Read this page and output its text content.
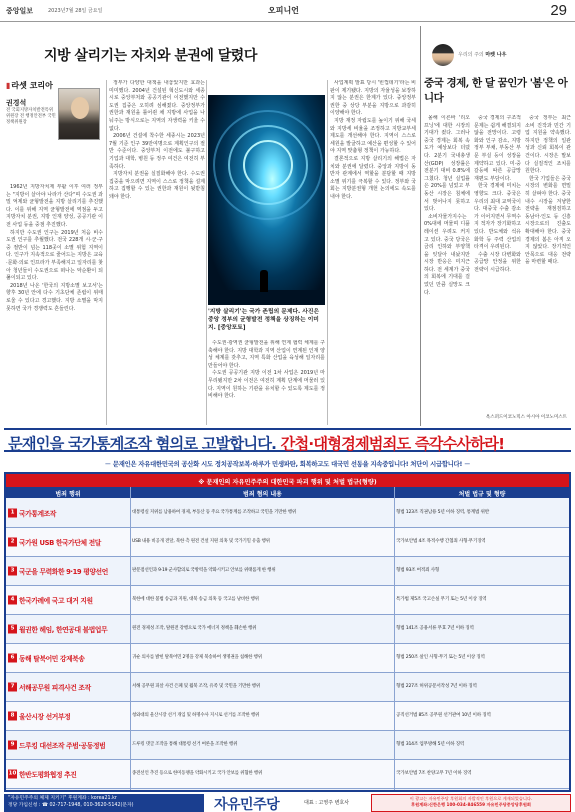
중앙일보	2023년7월 28일 금요일	오피니언	29
지방 살리기는 자치와 분권에 달렸다
▮라셋 코리아
권경석
전 국회지방자치발전특위 위원장 전 행정안전부 국민정책위원장
1962년 지방자치제 부활 이후 여러 정부는 "지방이 살아야 나라가 산다"며 수도권 과밀 억제와 균형발전을 지방 살리기를 추진했다. 이를 위해 지역 균형발전에 역점을 두고 지방자치 분권, 지방 인재 양성, 공공기관 이전 사업 등을 중점 추진했다.
하지만 수도권 인구는 2019년 처음 비수도권 인구를 추월했다. 전국 228개 시·군·구 중 절반이 넘는 118곳이 소멸 위험 지역이다. 인구가 지속적으로 줄어드는 지방은 교육·문화·의료 인프라가 부족해지고 일자리를 찾아 청년들이 수도권으로 떠나는 악순환이 되풀이되고 있다.
2018년 나온 '한국의 지방소멸 보고서'는 향후 30년 안에 다수 기초단체 존립이 위태로울 수 있다고 경고했다. 지방 소멸을 막지 못하면 국가 경쟁력도 흔들린다.
정부가 다양한 대책을 내놓았지만 효과는 미미했다. 2004년 건설된 혁신도시와 세종시로 중앙부처와 공공기관이 이전했지만 수도권 집중은 오히려 심해졌다. 중앙정부가 권한과 재원을 틀어쥔 채 지방에 사업을 나눠주는 방식으로는 지역의 자생력을 키울 수 없다.
2006년 건설에 착수한 세종시는 2023년 7월 기준 인구 39만여명으로 계획인구의 절반 수준이다. 중앙부처 이전에도 불구하고 기업과 대학, 병원 등 정주 여건은 여전히 부족하다.
지방자치 분권을 실질화해야 한다. 수도권 집중을 막으려면 지역이 스스로 정책을 설계하고 집행할 수 있는 권한과 재원이 뒷받침돼야 한다.
'지방 살리기'는 국가 존립의 문제다. 사진은 중앙 정부의 균형발전 정책을 상징하는 이미지. [중앙포토]
수도권·광역권 균형발전을 위해 연계 협력 체계를 구축해야 한다. 지방 대학과 지역 산업이 연계된 인재 양성 체계를 갖추고, 지역 특화 산업을 육성해 일자리를 만들어야 한다.
수도권 공공기관 지방 이전 1차 사업은 2019년 마무리됐지만 2차 이전은 여전히 계획 단계에 머물러 있다. 지역이 원하는 기관을 유치할 수 있도록 제도를 정비해야 한다.
사업계획 발표 당시 '빈껍데기'라는 비판이 제기됐다. 지방의 자율성을 보장하지 않는 분권은 한계가 있다. 중앙정부 권한 중 상당 부분을 지방으로 과감히 이양해야 한다.
지방 재정 자립도를 높이기 위해 국세와 지방세 비율을 조정하고 지방교부세 제도를 개선해야 한다. 지역이 스스로 세원을 발굴하고 예산을 편성할 수 있어야 지역 맞춤형 정책이 가능하다.
결론적으로 지방 살리기의 해법은 자치와 분권에 달렸다. 중앙과 지방이 동반자 관계에서 역할을 분담할 때 지방 소멸 위기를 극복할 수 있다. 정부와 국회는 지방분권형 개헌 논의에도 속도를 내야 한다.
우리의 주의 마켓 나우
중국 경제, 한 달 꿈인가 '봄'은 아니다
올해 이른바 '리오프닝'에 대한 시장의 기대가 컸다. 그러나 중국 경제는 회복 속도가 예상보다 더뎠다. 2분기 국내총생산(GDP) 성장률은 전분기 대비 0.8%에 그쳤다. 청년 실업률은 20%를 넘었고 부동산 시장은 침체에서 벗어나지 못하고 있다.
소비자물가지수는 0%대에 머물며 디플레이션 우려도 커지고 있다. 중국 당국은 금리 인하와 부양책을 잇달아 내놨지만 시장 반응은 미지근하다. 전 세계가 중국의 회복에 기대를 걸었던 만큼 실망도 크다.
중국 경제의 구조적 문제는 쉽게 해결되지 않을 전망이다. 고령화와 인구 감소, 지방정부 부채, 부동산 부문 부실 등이 성장을 제약하고 있다. 미·중 갈등에 따른 공급망 재편도 부담이다.
한국 경제에 미치는 영향도 크다. 중국은 우리의 최대 교역국이다. 대중국 수출 감소가 이어지면서 무역수지 적자가 장기화하고 있다. 반도체와 석유화학 등 주력 산업의 타격이 우려된다.
수출 시장 다변화와 공급망 안정을 위한 전략이 시급하다.
중국 정부는 최근 소비 진작과 민간 기업 지원을 약속했다. 하지만 정책의 일관성과 신뢰 회복이 관건이다. 시장은 말보다 실질적인 조치를 원한다.
한국 기업들은 중국 시장의 변화를 면밀히 살펴야 한다. 중국 내수 시장을 겨냥한 전략을 재점검하고 동남아·인도 등 신흥시장으로의 진출도 확대해야 한다. 중국 경제의 봄은 아직 오지 않았다. 장기적인 안목으로 대응 전략을 마련할 때다.
옥스퍼드이코노믹스 아시아 이코노미스트
문재인을 국가통계조작 혐의로 고발합니다. 간첩·대형경제범죄도 즉각수사하라!
－ 문재인은 자유대한민국의 공산화 시도 정치공작보복·하루가 민생파탄, 회복하고도 대국민 선동을 지속중입니다! 처단이 시급합니다! －
※ 문재인의 자유민주주의 대한민국 파괴 행위 및 처벌 법규(형량)
범죄 행위	범죄 혐의 내용	처벌 법규 및 형량
1 국가통계조작	대통령실 지위를 남용하여 경제, 부동산 등 주요 국가통계를 조작하고 국민을 기만한 행위	형법 123조 직권남용 5년 이하 징역, 통계법 위반
2 국가원 USB 한국가단체 전달	USB 내용 비공개 전달, 북한 측 원전 건설 지원 의혹 및 국가기밀 유출 행위	국가보안법 4조 목적수행 간첩죄 사형·무기징역
3 국군을 무력화한 9·19 평양선언	판문점선언과 9·19 군사합의로 국방력을 약화시키고 안보를 위태롭게 한 행위	형법 93조 여적죄 사형
4 한국가례에 국고 대거 지원	북한에 대한 불법 송금과 지원, 대북 송금 의혹 등 국고를 낭비한 행위	특가법 제5조 국고손실 무기 또는 5년 이상 징역
5 월권한 헤임, 한연공대 불법업무	원전 경제성 조작, 탈원전 강행으로 국가 에너지 정책을 훼손한 행위	형법 141조 공용서류 무효 7년 이하 징역
6 동해 탈북어민 강제북송	귀순 의사를 밝힌 탈북어민 2명을 강제 북송하여 생명권을 침해한 행위	형법 250조 살인 사형·무기 또는 5년 이상 징역
7 서해공무원 피격사건 조작	서해 공무원 피살 사건 은폐 및 월북 조작, 유족 및 국민을 기만한 행위	형법 227조 허위공문서작성 7년 이하 징역
8 울산시장 선거부정	청와대의 울산시장 선거 개입 및 하명수사 지시로 선거를 조작한 행위	공직선거법 85조 공무원 선거관여 10년 이하 징역
9 드루킹 대선조작 주범·공동정범	드루킹 댓글 조작을 통해 대통령 선거 여론을 조작한 행위	형법 314조 업무방해 5년 이하 징역
10 한반도평화협정 추진	종전선언 추진 등으로 한미동맹을 약화시키고 국가 안보를 위협한 행위	국가보안법 7조 찬양고무 7년 이하 징역
"자유민주주의 체제 지키기" 후원계좌 : korea21.kr
정당 가입신청 : ☎ 02-717-1948, 010-3620-5142(문자)	자유민주당	대표 : 고영주 변호사
이 광고는 자유민주당 후원회의 자발적인 후원으로 게재되었습니다.
후원계좌:신한은행 100-034-846559 자유민주당중앙당후원회
